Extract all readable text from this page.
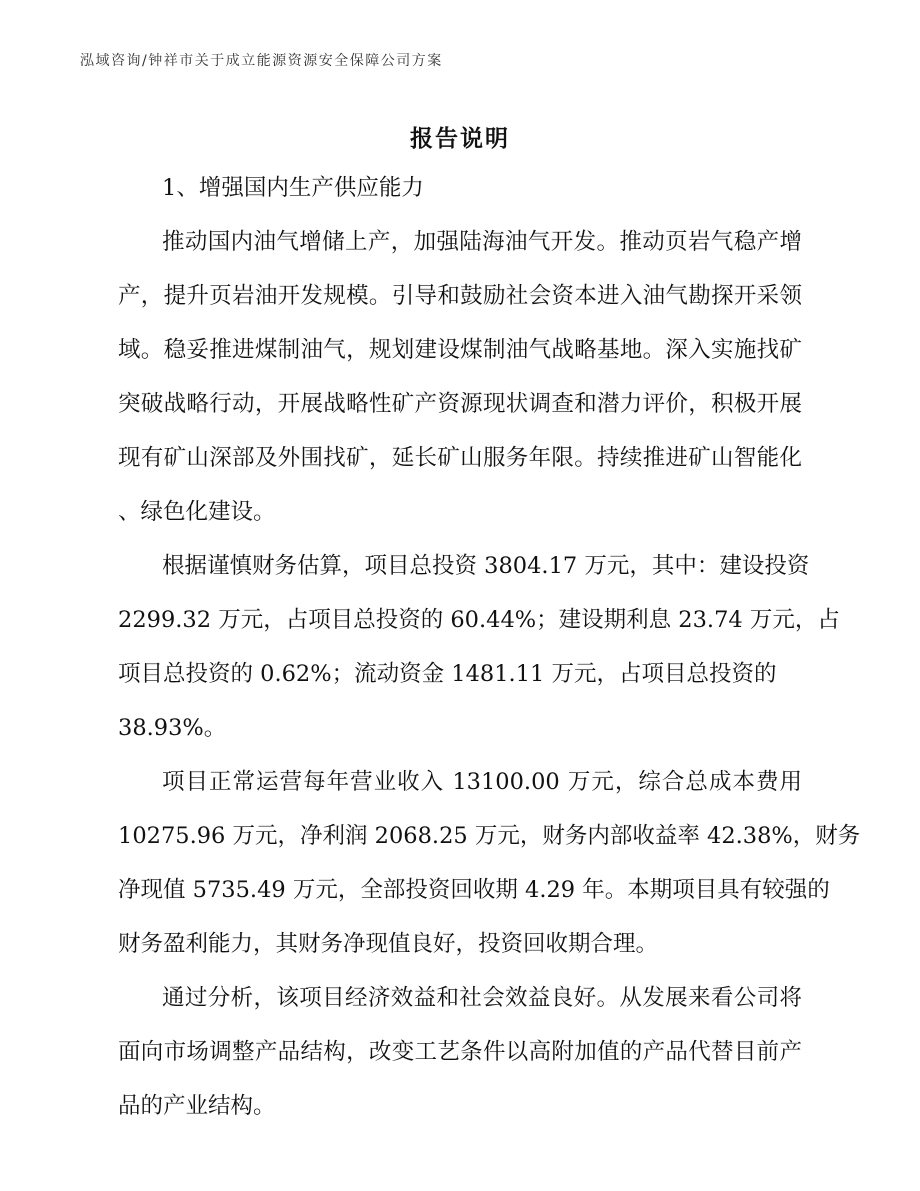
泓域咨询/钟祥市关于成立能源资源安全保障公司方案
报告说明
1、增强国内生产供应能力
推动国内油气增储上产，加强陆海油气开发。推动页岩气稳产增
产，提升页岩油开发规模。引导和鼓励社会资本进入油气勘探开采领
域。稳妥推进煤制油气，规划建设煤制油气战略基地。深入实施找矿
突破战略行动，开展战略性矿产资源现状调查和潜力评价，积极开展
现有矿山深部及外围找矿，延长矿山服务年限。持续推进矿山智能化
、绿色化建设。
根据谨慎财务估算，项目总投资 3804.17 万元，其中：建设投资
2299.32 万元，占项目总投资的 60.44%；建设期利息 23.74 万元，占
项目总投资的 0.62%；流动资金 1481.11 万元，占项目总投资的
38.93%。
项目正常运营每年营业收入 13100.00 万元，综合总成本费用
10275.96 万元，净利润 2068.25 万元，财务内部收益率 42.38%，财务
净现值 5735.49 万元，全部投资回收期 4.29 年。本期项目具有较强的
财务盈利能力，其财务净现值良好，投资回收期合理。
通过分析，该项目经济效益和社会效益良好。从发展来看公司将
面向市场调整产品结构，改变工艺条件以高附加值的产品代替目前产
品的产业结构。
